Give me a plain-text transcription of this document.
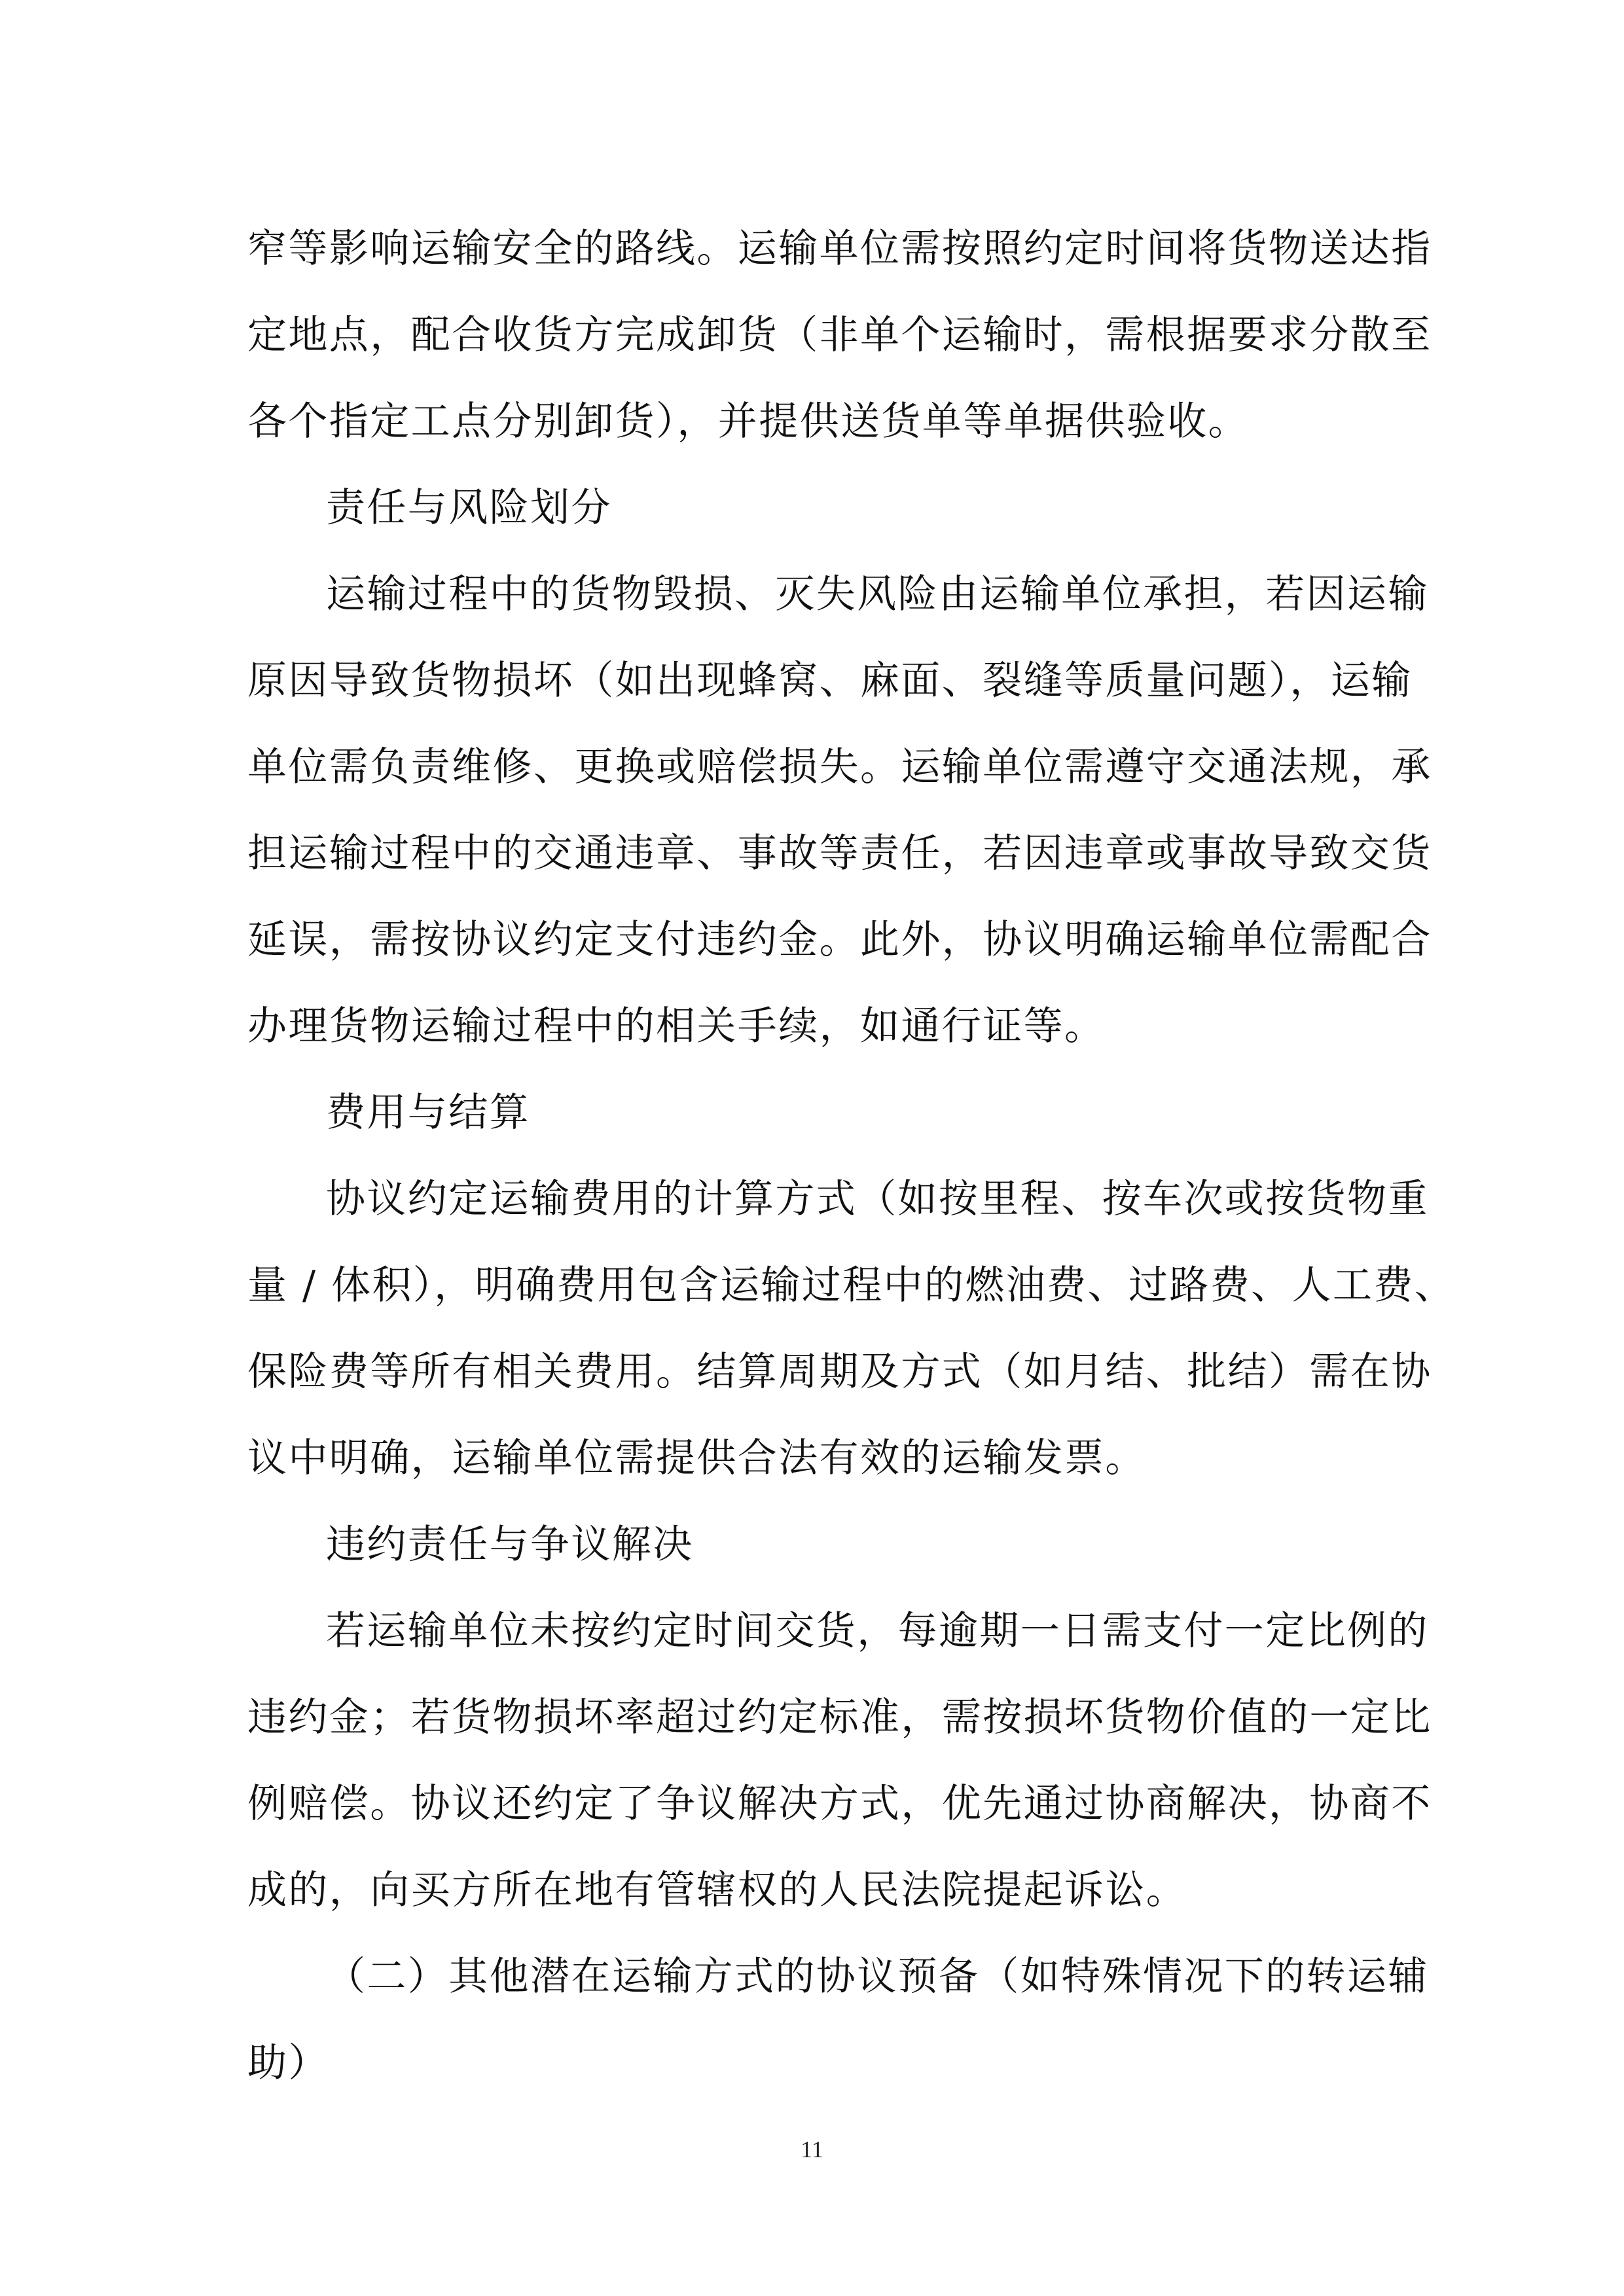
窄等影响运输安全的路线。运输单位需按照约定时间将货物送达指
定地点，配合收货方完成卸货（非单个运输时，需根据要求分散至
各个指定工点分别卸货），并提供送货单等单据供验收。
责任与风险划分
运输过程中的货物毁损、灭失风险由运输单位承担，若因运输
原因导致货物损坏（如出现蜂窝、麻面、裂缝等质量问题），运输
单位需负责维修、更换或赔偿损失。运输单位需遵守交通法规，承
担运输过程中的交通违章、事故等责任，若因违章或事故导致交货
延误，需按协议约定支付违约金。此外，协议明确运输单位需配合
办理货物运输过程中的相关手续，如通行证等。
费用与结算
协议约定运输费用的计算方式（如按里程、按车次或按货物重
量 / 体积），明确费用包含运输过程中的燃油费、过路费、人工费、
保险费等所有相关费用。结算周期及方式（如月结、批结）需在协
议中明确，运输单位需提供合法有效的运输发票。
违约责任与争议解决
若运输单位未按约定时间交货，每逾期一日需支付一定比例的
违约金；若货物损坏率超过约定标准，需按损坏货物价值的一定比
例赔偿。协议还约定了争议解决方式，优先通过协商解决，协商不
成的，向买方所在地有管辖权的人民法院提起诉讼。
（二）其他潜在运输方式的协议预备（如特殊情况下的转运辅
助）
11
